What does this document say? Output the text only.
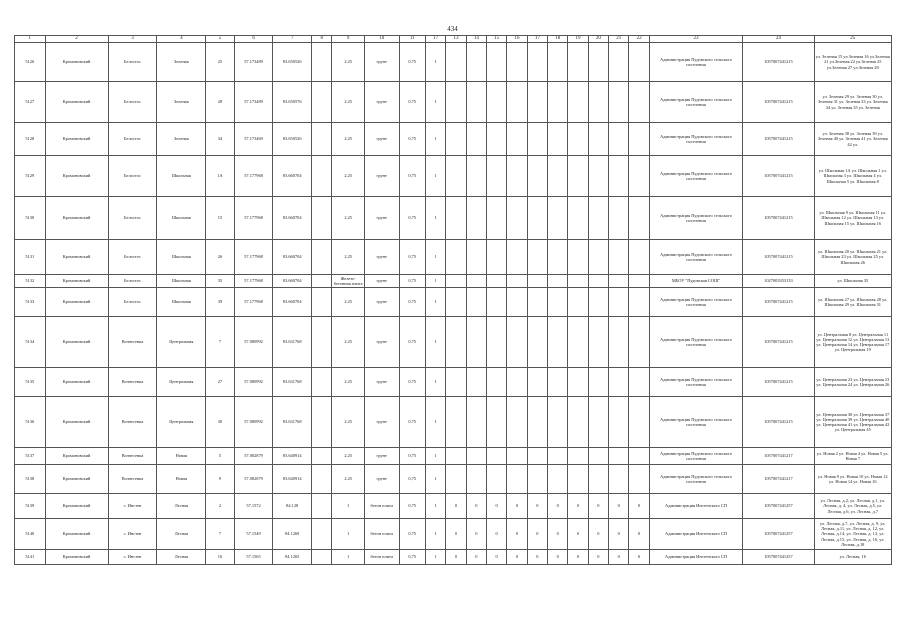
434
1	2	3	4	5	6	7	8	9	10	11	17	13	14	15	16	17	18	19	20	21	22	23	24	25
5126	Кромоновский	Белостос	Зеленая	25	57.173489	83.650526		2.25	грунт	0,75	1											Администрация Пудовского сельского поселения	1057007441215	ул. Зеленая 15 ул.Зеленая 16 ул.Зеленая 21 ул.Зеленая 22 ул.Зеленая 25 ул.Зеленая 27 ул.Зеленая 28
5127	Кромоновский	Белостос	Зеленая	28	57.173489	83.650576		2.25	грунт	0,75	1											Администрация Пудовского сельского поселения	1057007441215	ул. Зеленая 29 ул. Зеленая 30 ул. Зеленая 31 ул. Зеленая 33 ул. Зеленая 34 ул. Зеленая 35 ул. Зеленая
5128	Кромоновский	Белостос	Зеленая	34	57.173469	83.650526		2.25	грунт	0,75	1											Администрация Пудовского сельского поселения	1057007441215	ул. Зеленая 38 ул. Зеленая 39 ул. Зеленая 40 ул. Зеленая 41 ул. Зеленая 42 ул.
5129	Кромоновский	Белостос	Школьная	1А	57.177968	83.660704		2.25	грунт	0,75	1											Администрация Пудовского сельского поселения	1057007441215	ул. Школьная 1А ул. Школьная 1 ул. Школьная 3 ул. Школьная 4 ул. Школьная 5 ул. Школьная 8
5130	Кромоновский	Белостос	Школьная	15	57.177968	83.660704		2.25	грунт	0,75	1											Администрация Пудовского сельского поселения	1057007441215	ул. Школьная 9 ул. Школьная 11 ул. Школьная 12 ул. Школьная 13 ул. Школьная 15 ул. Школьная 16
5131	Кромоновский	Белостос	Школьная	26	57.177968	83.660704		2.25	грунт	0,75	1											Администрация Пудовского сельского поселения	1057007441215	ул. Школьная 20 ул. Школьная 21 ул. Школьная 23 ул. Школьная 25 ул. Школьная 26
5132	Кромоновский	Белостос	Школьная	35	57.177968	83.660704		Железо-бетонная плита	грунт	0,75	1											МБОУ "Пудовская СОШ"	1027003353133	ул. Школьная 35
5133	Кромоновский	Белостос	Школьная	39	57.177968	83.660704		2.25	грунт	0,75	1											Администрация Пудовского сельского поселения	1057007441215	ул. Школьная 27 ул. Школьная 28 ул. Школьная 29 ул. Школьная 31
5134	Кромоновский	Вознесенка	Центральная	7	57.080992	83.631768		2.25	грунт	0,75	1											Администрация Пудовского сельского поселения	1057007441215	ул. Центральная 8 ул. Центральная 11 ул. Центральная 12 ул. Центральная 13 ул. Центральная 14 ул. Центральная 17 ул. Центральная 19
5135	Кромоновский	Вознесенка	Центральная	27	57.080992	83.631768		2.25	грунт	0,75	1											Администрация Пудовского сельского поселения	1057007441215	ул. Центральная 23 ул. Центральная 23 ул. Центральная 24 ул. Центральная 26
5136	Кромоновский	Вознесенка	Центральная	30	57.080992	83.631768		2.25	грунт	0,75	1											Администрация Пудовского сельского поселения	1057007441215	ул. Центральная 30 ул. Центральная 37 ул. Центральная 39 ул. Центральная 40 ул. Центральная 41 ул. Центральная 42 ул. Центральная 45
5137	Кромоновский	Вознесенка	Новая	5	57.082879	83.640914		2.25	грунт	0,75	1											Администрация Пудовского сельского поселения	1057007441217	ул. Новая 2 ул. Новая 4 ул. Новая 5 ул. Новая 7
5138	Кромоновский	Вознесенка	Новая	9	57.082879	83.640914		2.25	грунт	0,75	1											Администрация Пудовского сельского поселения	1057007441217	ул. Новая 9 ул. Новая 10 ул. Новая 12 ул. Новая 14 ул. Новая 16
5139	Кромоновский	с. Инстен	Лесная	2	57.1572	84.128		1	бетон плита	0,75	1	0	0	0	0	0	0	0	0	0	0	Администрация Инстенского СП	1057007441257	ул. Лесная, д.2, ул. Лесная, д.1, ул. Лесная, д. 4, ул. Лесная, д.5, ул. Лесная, д.6, ул. Лесная, д.7
5140	Кромоновский	с. Инстен	Лесная	7	57.1549	84.1269		1	бетон плита	0,75	1	0	0	0	0	0	0	0	0	0	0	Администрация Инстенского СП	1057007441257	ул. Лесная, д.7, ул. Лесная, д. 9, ул. Лесная, д.11, ул. Лесная, д. 12, ул. Лесная, д.14, ул. Лесная, д. 13, ул. Лесная, д.15, ул. Лесная, д. 16, ул. Лесная, д.18
5141	Кромоновский	с. Инстен	Лесная	16	57.1565	84.1265		1	бетон плита	0,75	1	0	0	0	0	0	0	0	0	0	0	Администрация Инстенского СП	1057007441257	ул. Лесная, 16
